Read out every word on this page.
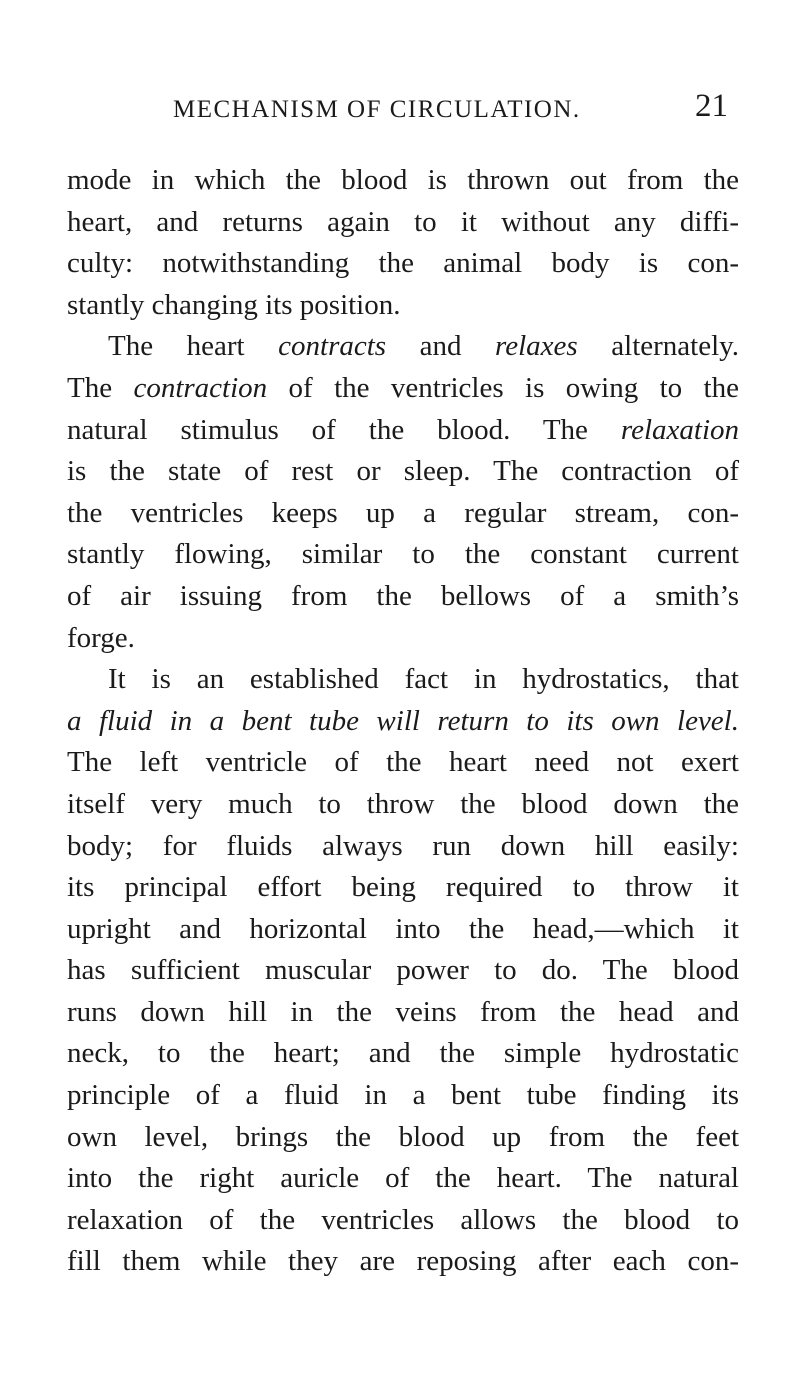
MECHANISM OF CIRCULATION.	21
mode in which the blood is thrown out from the
heart, and returns again to it without any diffi-
culty: notwithstanding the animal body is con-
stantly changing its position.
The heart contracts and relaxes alternately.
The contraction of the ventricles is owing to the
natural stimulus of the blood. The relaxation
is the state of rest or sleep. The contraction of
the ventricles keeps up a regular stream, con-
stantly flowing, similar to the constant current
of air issuing from the bellows of a smith’s
forge.
It is an established fact in hydrostatics, that
a fluid in a bent tube will return to its own level.
The left ventricle of the heart need not exert
itself very much to throw the blood down the
body; for fluids always run down hill easily:
its principal effort being required to throw it
upright and horizontal into the head,—which it
has sufficient muscular power to do. The blood
runs down hill in the veins from the head and
neck, to the heart; and the simple hydrostatic
principle of a fluid in a bent tube finding its
own level, brings the blood up from the feet
into the right auricle of the heart. The natural
relaxation of the ventricles allows the blood to
fill them while they are reposing after each con-
